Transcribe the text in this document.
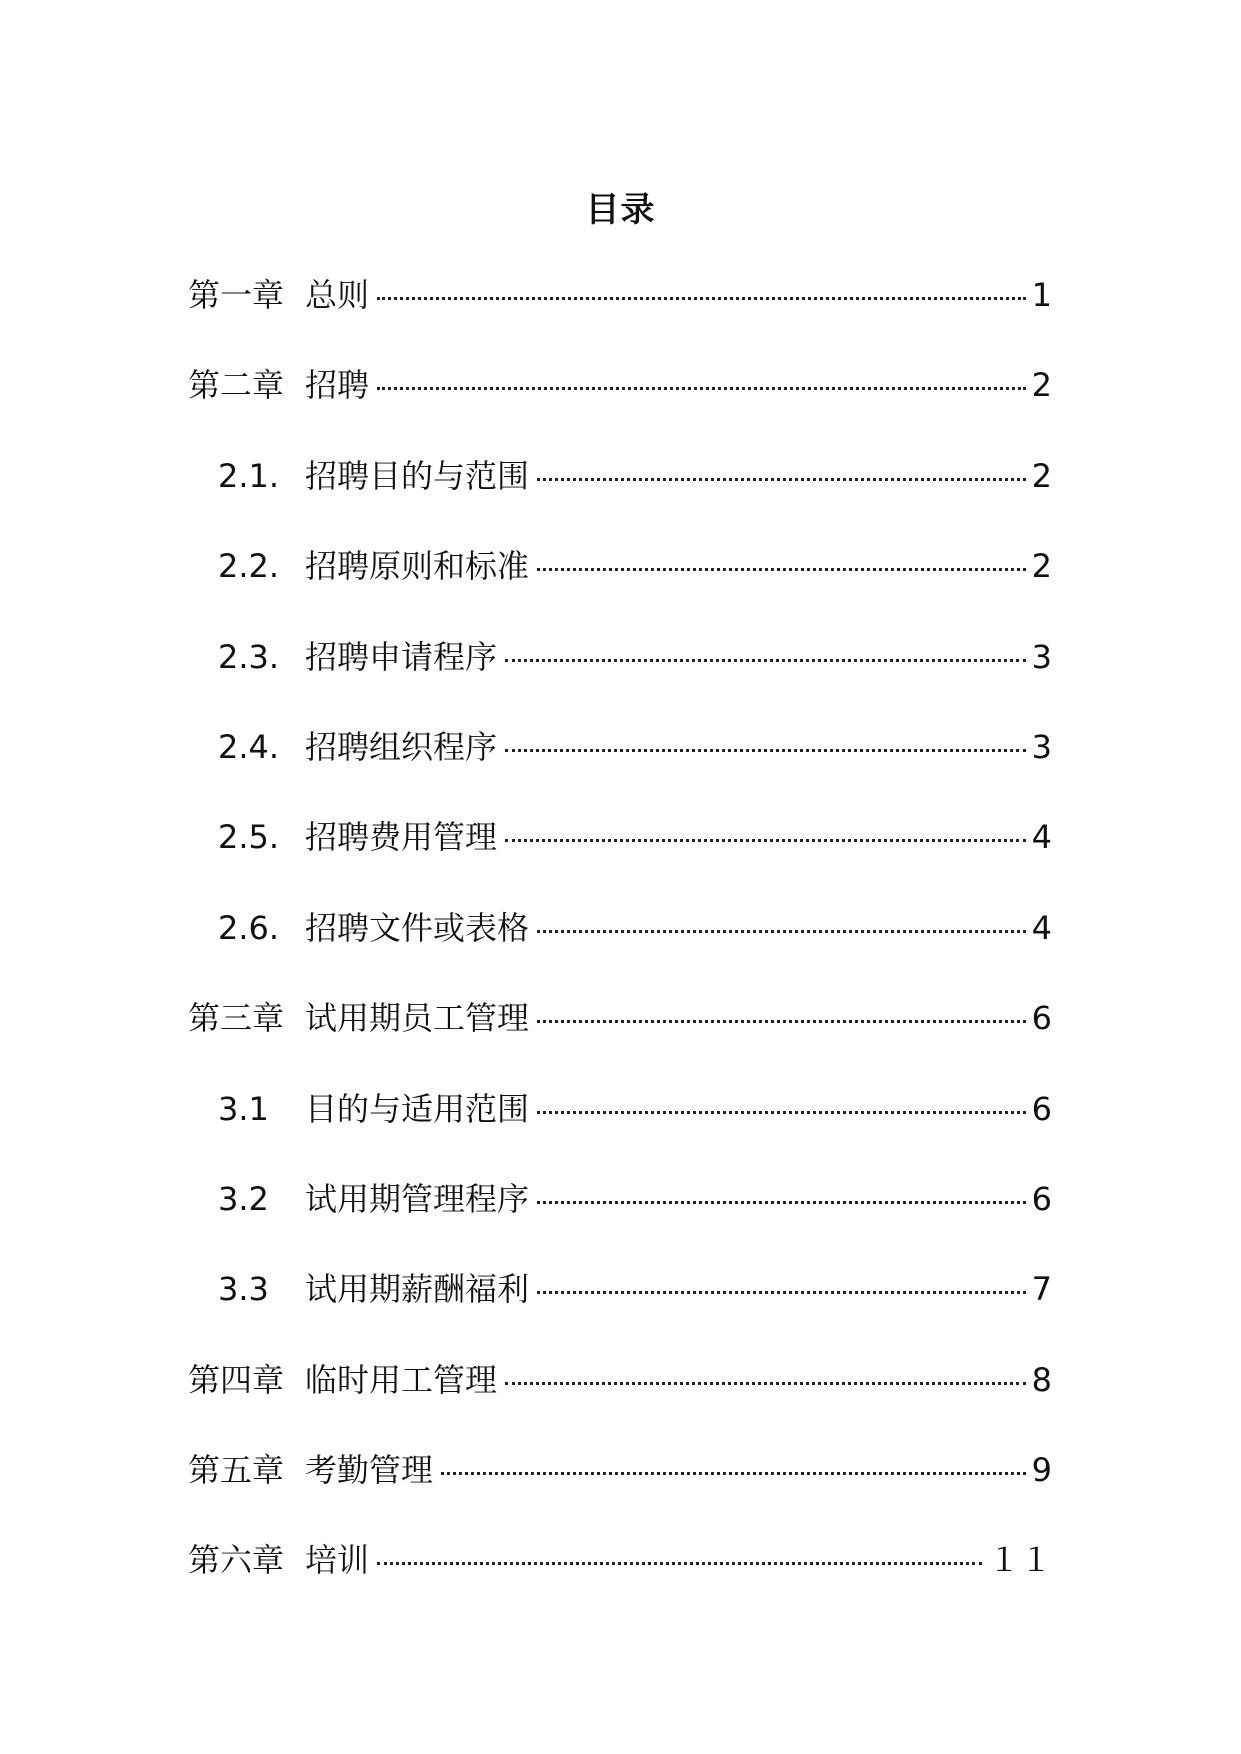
目录
第一章 总则	1
第二章 招聘	2
2.1. 招聘目的与范围	2
2.2. 招聘原则和标准	2
2.3. 招聘申请程序	3
2.4. 招聘组织程序	3
2.5. 招聘费用管理	4
2.6. 招聘文件或表格	4
第三章 试用期员工管理	6
3.1	目的与适用范围	6
3.2	试用期管理程序	6
3.3	试用期薪酬福利	7
第四章 临时用工管理	8
第五章 考勤管理	9
第六章 培训	１１
